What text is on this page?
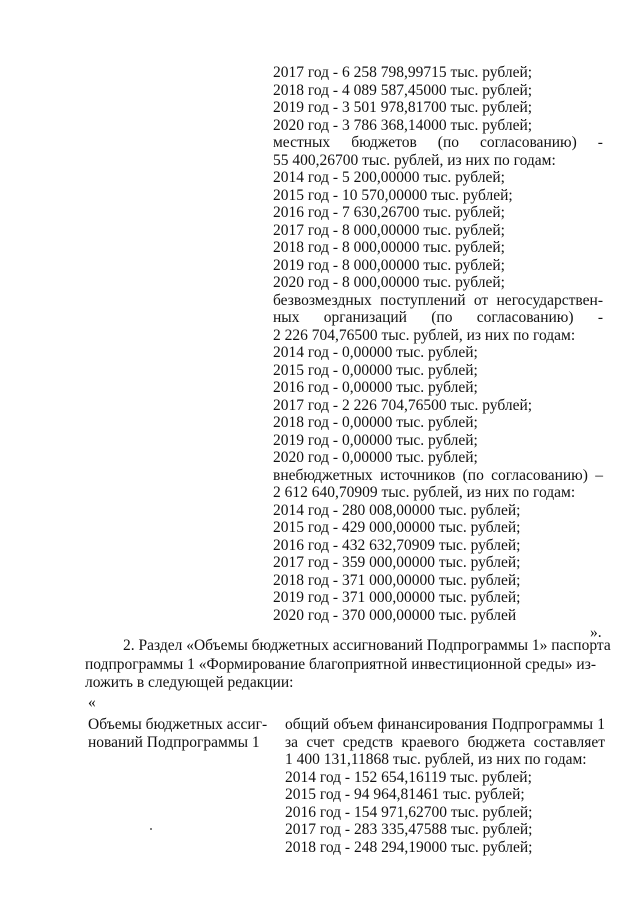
2017 год - 6 258 798,99715 тыс. рублей;
2018 год - 4 089 587,45000 тыс. рублей;
2019 год - 3 501 978,81700 тыс. рублей;
2020 год - 3 786 368,14000 тыс. рублей;
местных бюджетов (по согласованию) -
55 400,26700 тыс. рублей, из них по годам:
2014 год - 5 200,00000 тыс. рублей;
2015 год - 10 570,00000 тыс. рублей;
2016 год - 7 630,26700 тыс. рублей;
2017 год - 8 000,00000 тыс. рублей;
2018 год - 8 000,00000 тыс. рублей;
2019 год - 8 000,00000 тыс. рублей;
2020 год - 8 000,00000 тыс. рублей;
безвозмездных поступлений от негосударствен-
ных организаций (по согласованию) -
2 226 704,76500 тыс. рублей, из них по годам:
2014 год - 0,00000 тыс. рублей;
2015 год - 0,00000 тыс. рублей;
2016 год - 0,00000 тыс. рублей;
2017 год - 2 226 704,76500 тыс. рублей;
2018 год - 0,00000 тыс. рублей;
2019 год - 0,00000 тыс. рублей;
2020 год - 0,00000 тыс. рублей;
внебюджетных источников (по согласованию) –
2 612 640,70909 тыс. рублей, из них по годам:
2014 год - 280 008,00000 тыс. рублей;
2015 год - 429 000,00000 тыс. рублей;
2016 год - 432 632,70909 тыс. рублей;
2017 год - 359 000,00000 тыс. рублей;
2018 год - 371 000,00000 тыс. рублей;
2019 год - 371 000,00000 тыс. рублей;
2020 год - 370 000,00000 тыс. рублей
».
2. Раздел «Объемы бюджетных ассигнований Подпрограммы 1» паспорта
подпрограммы 1 «Формирование благоприятной инвестиционной среды» из-
ложить в следующей редакции:
«
Объемы бюджетных ассиг-
нований Подпрограммы 1
общий объем финансирования Подпрограммы 1
за счет средств краевого бюджета составляет
1 400 131,11868 тыс. рублей, из них по годам:
2014 год - 152 654,16119 тыс. рублей;
2015 год - 94 964,81461 тыс. рублей;
2016 год - 154 971,62700 тыс. рублей;
2017 год - 283 335,47588 тыс. рублей;
2018 год - 248 294,19000 тыс. рублей;
